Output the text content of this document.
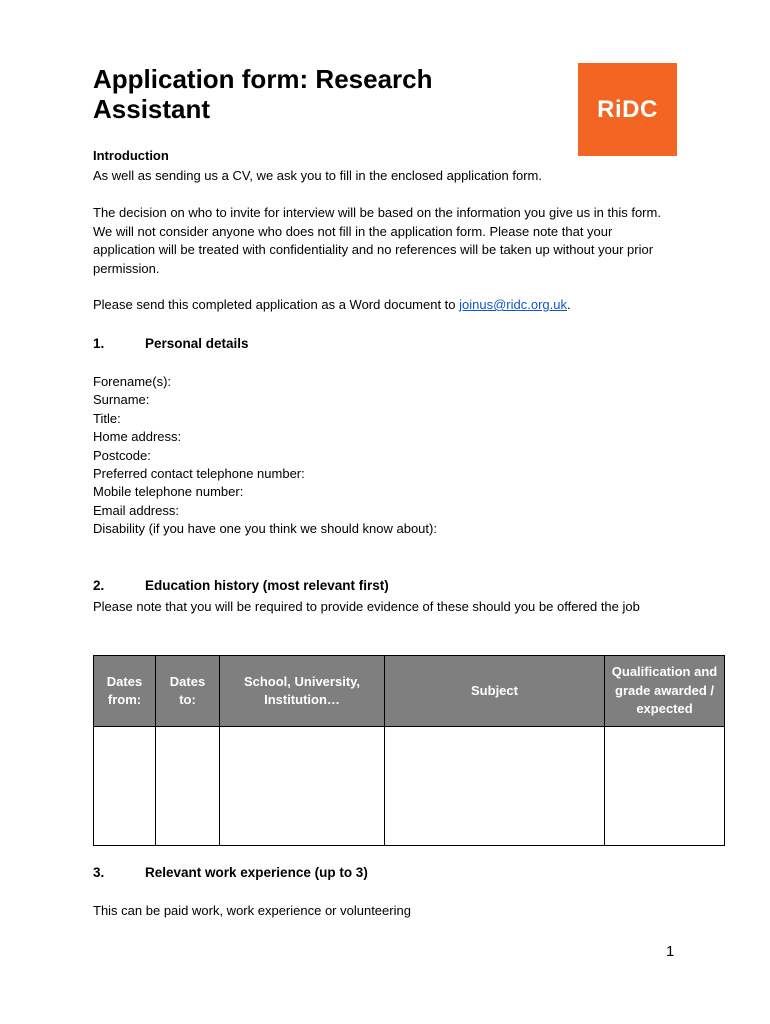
Application form: Research Assistant	RiDC
Introduction
As well as sending us a CV, we ask you to fill in the enclosed application form.
The decision on who to invite for interview will be based on the information you give us in this form. We will not consider anyone who does not fill in the application form. Please note that your application will be treated with confidentiality and no references will be taken up without your prior permission.
Please send this completed application as a Word document to joinus@ridc.org.uk.
1.	Personal details
Forename(s):
Surname:
Title:
Home address:
Postcode:
Preferred contact telephone number:
Mobile telephone number:
Email address:
Disability (if you have one you think we should know about):
2.	Education history (most relevant first)
Please note that you will be required to provide evidence of these should you be offered the job
Dates from:	Dates to:	School, University, Institution…	Subject	Qualification and grade awarded / expected

3.	Relevant work experience (up to 3)
This can be paid work, work experience or volunteering
1
